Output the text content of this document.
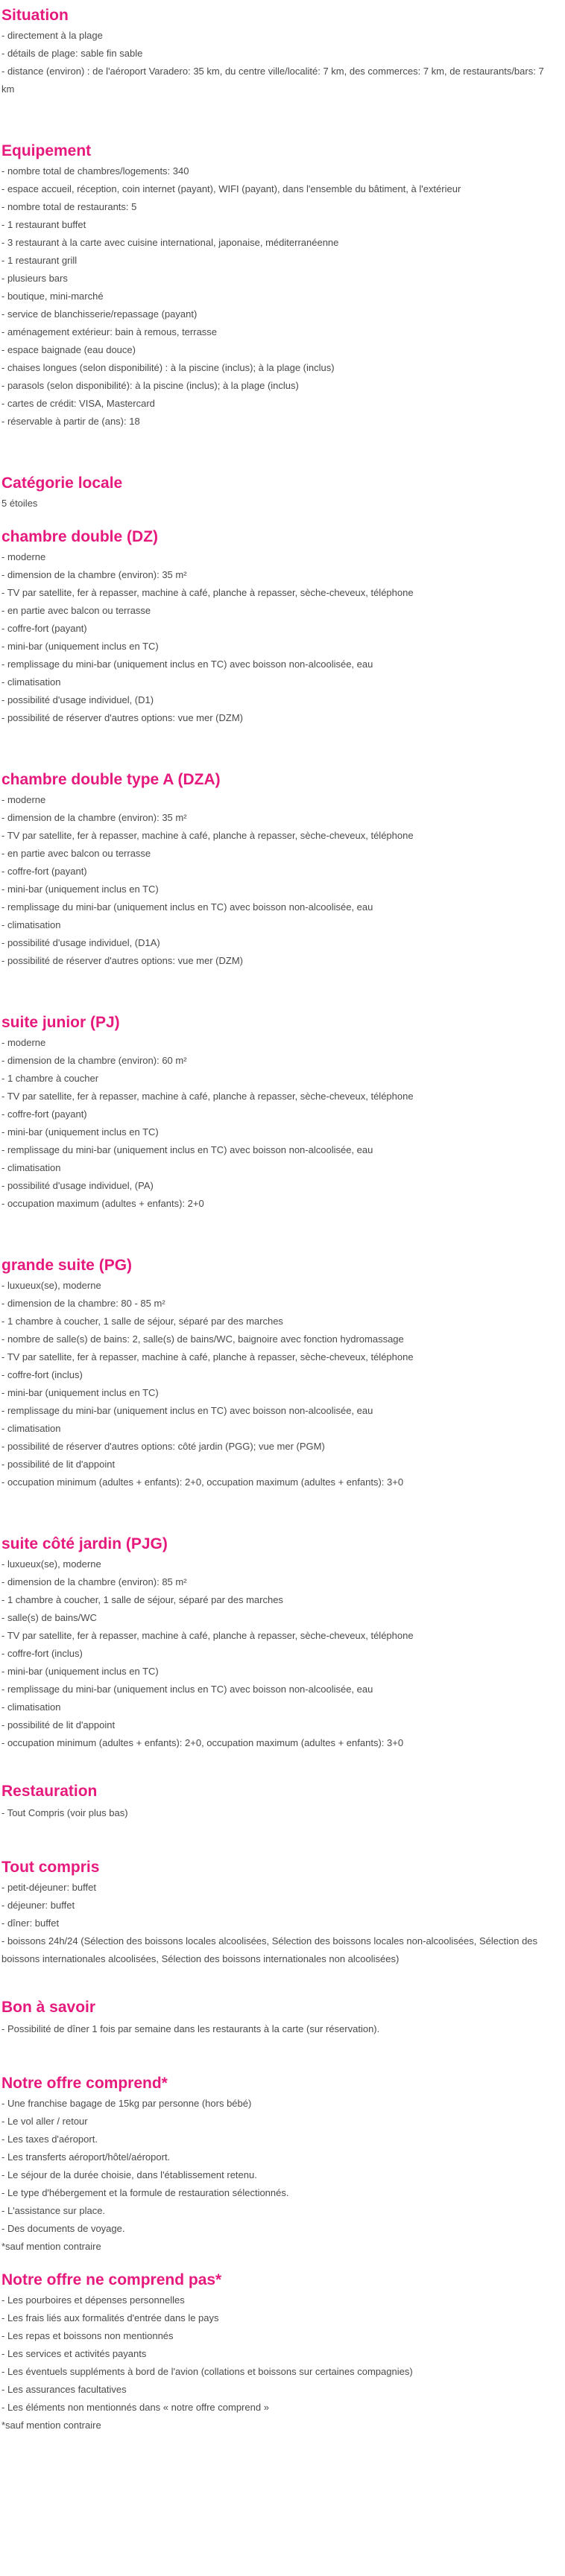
Situation
- directement à la plage
- détails de plage: sable fin sable
- distance (environ) : de l'aéroport Varadero: 35 km, du centre ville/localité: 7 km, des commerces: 7 km, de restaurants/bars: 7 km
Equipement
- nombre total de chambres/logements: 340
- espace accueil, réception, coin internet (payant), WIFI (payant), dans l'ensemble du bâtiment, à l'extérieur
- nombre total de restaurants: 5
- 1 restaurant buffet
- 3 restaurant à la carte avec cuisine international, japonaise, méditerranéenne
- 1 restaurant grill
- plusieurs bars
- boutique, mini-marché
- service de blanchisserie/repassage (payant)
- aménagement extérieur: bain à remous, terrasse
- espace baignade (eau douce)
- chaises longues (selon disponibilité) : à la piscine (inclus); à la plage (inclus)
- parasols (selon disponibilité): à la piscine (inclus); à la plage (inclus)
- cartes de crédit: VISA, Mastercard
- réservable à partir de (ans): 18
Catégorie locale
5 étoiles
chambre double (DZ)
- moderne
- dimension de la chambre (environ): 35 m²
- TV par satellite, fer à repasser, machine à café, planche à repasser, sèche-cheveux, téléphone
- en partie avec balcon ou terrasse
- coffre-fort (payant)
- mini-bar (uniquement inclus en TC)
- remplissage du mini-bar (uniquement inclus en TC) avec boisson non-alcoolisée, eau
- climatisation
- possibilité d'usage individuel, (D1)
- possibilité de réserver d'autres options: vue mer (DZM)
chambre double type A (DZA)
- moderne
- dimension de la chambre (environ): 35 m²
- TV par satellite, fer à repasser, machine à café, planche à repasser, sèche-cheveux, téléphone
- en partie avec balcon ou terrasse
- coffre-fort (payant)
- mini-bar (uniquement inclus en TC)
- remplissage du mini-bar (uniquement inclus en TC) avec boisson non-alcoolisée, eau
- climatisation
- possibilité d'usage individuel, (D1A)
- possibilité de réserver d'autres options: vue mer (DZM)
suite junior (PJ)
- moderne
- dimension de la chambre (environ): 60 m²
- 1 chambre à coucher
- TV par satellite, fer à repasser, machine à café, planche à repasser, sèche-cheveux, téléphone
- coffre-fort (payant)
- mini-bar (uniquement inclus en TC)
- remplissage du mini-bar (uniquement inclus en TC) avec boisson non-alcoolisée, eau
- climatisation
- possibilité d'usage individuel, (PA)
- occupation maximum (adultes + enfants): 2+0
grande suite (PG)
- luxueux(se), moderne
- dimension de la chambre: 80 - 85 m²
- 1 chambre à coucher, 1 salle de séjour, séparé par des marches
- nombre de salle(s) de bains: 2, salle(s) de bains/WC, baignoire avec fonction hydromassage
- TV par satellite, fer à repasser, machine à café, planche à repasser, sèche-cheveux, téléphone
- coffre-fort (inclus)
- mini-bar (uniquement inclus en TC)
- remplissage du mini-bar (uniquement inclus en TC) avec boisson non-alcoolisée, eau
- climatisation
- possibilité de réserver d'autres options: côté jardin (PGG); vue mer (PGM)
- possibilité de lit d'appoint
- occupation minimum (adultes + enfants): 2+0, occupation maximum (adultes + enfants): 3+0
suite côté jardin (PJG)
- luxueux(se), moderne
- dimension de la chambre (environ): 85 m²
- 1 chambre à coucher, 1 salle de séjour, séparé par des marches
- salle(s) de bains/WC
- TV par satellite, fer à repasser, machine à café, planche à repasser, sèche-cheveux, téléphone
- coffre-fort (inclus)
- mini-bar (uniquement inclus en TC)
- remplissage du mini-bar (uniquement inclus en TC) avec boisson non-alcoolisée, eau
- climatisation
- possibilité de lit d'appoint
- occupation minimum (adultes + enfants): 2+0, occupation maximum (adultes + enfants): 3+0
Restauration
- Tout Compris (voir plus bas)
Tout compris
- petit-déjeuner: buffet
- déjeuner: buffet
- dîner: buffet
- boissons 24h/24 (Sélection des boissons locales alcoolisées, Sélection des boissons locales non-alcoolisées, Sélection des boissons internationales alcoolisées, Sélection des boissons internationales non alcoolisées)
Bon à savoir
- Possibilité de dîner 1 fois par semaine dans les restaurants à la carte (sur réservation).
Notre offre comprend*
- Une franchise bagage de 15kg par personne (hors bébé)
- Le vol aller / retour
- Les taxes d'aéroport.
- Les transferts aéroport/hôtel/aéroport.
- Le séjour de la durée choisie, dans l'établissement retenu.
- Le type d'hébergement et la formule de restauration sélectionnés.
- L'assistance sur place.
- Des documents de voyage.
*sauf mention contraire
Notre offre ne comprend pas*
- Les pourboires et dépenses personnelles
- Les frais liés aux formalités d'entrée dans le pays
- Les repas et boissons non mentionnés
- Les services et activités payants
- Les éventuels suppléments à bord de l'avion (collations et boissons sur certaines compagnies)
- Les assurances facultatives
- Les éléments non mentionnés dans « notre offre comprend »
*sauf mention contraire
